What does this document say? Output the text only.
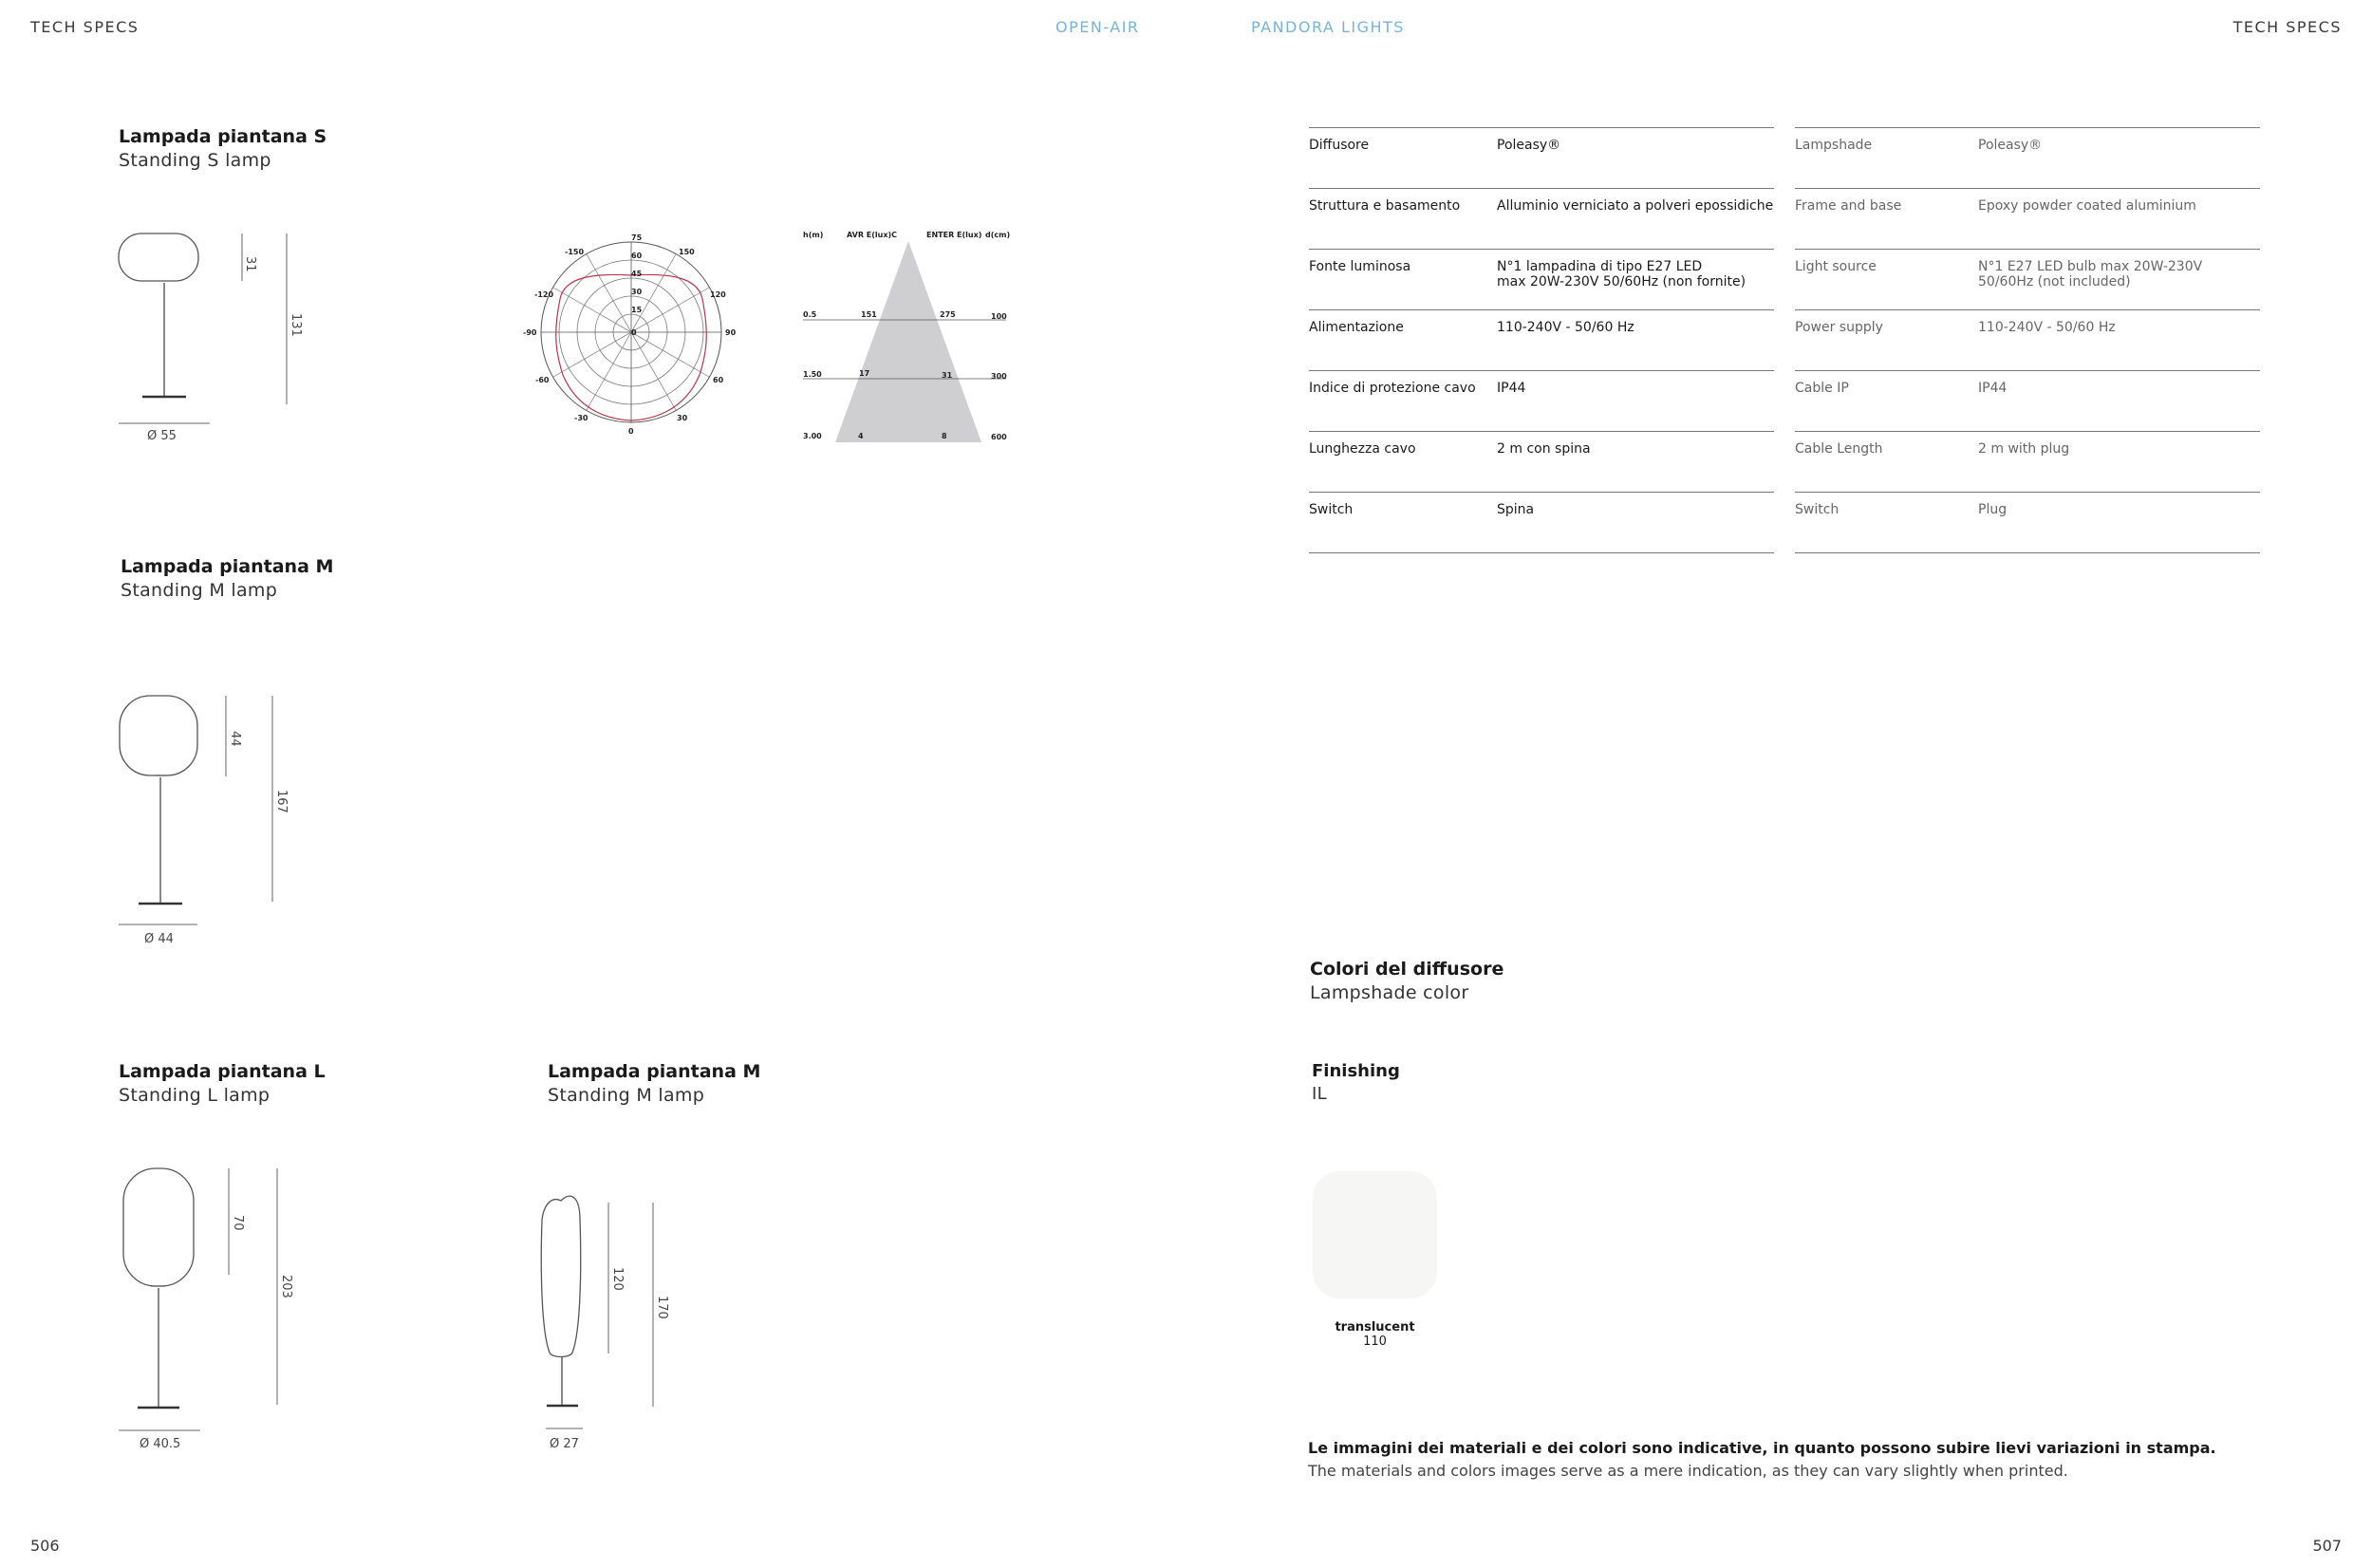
TECH SPECS	OPEN-AIR	PANDORA LIGHTS	TECH SPECS
Lampada piantana S
Standing S lamp
31
131
Ø 55
75
60
45
30
15
0
-150	150
-120	120
-90	90
-60	60
-30	30
0
h(m)	AVR E(lux)C	ENTER E(lux) d(cm)
0.5	151	275	100
1.50	17	31	300
3.00	4	8	600
Lampada piantana M
Standing M lamp
44
167
Ø 44
Lampada piantana L
Standing L lamp
70
203
Ø 40.5
Lampada piantana M
Standing M lamp
120
170
Ø 27
Diffusore	Poleasy®
Struttura e basamento	Alluminio verniciato a polveri epossidiche
Fonte luminosa	N°1 lampadina di tipo E27 LED
max 20W-230V 50/60Hz (non fornite)

Alimentazione	110-240V - 50/60 Hz
Indice di protezione cavo	IP44
Lunghezza cavo	2 m con spina
Switch	Spina
Lampshade	Poleasy®
Frame and base	Epoxy powder coated aluminium
Light source	N°1 E27 LED bulb max 20W-230V
50/60Hz (not included)

Power supply	110-240V - 50/60 Hz
Cable IP	IP44
Cable Length	2 m with plug
Switch	Plug
Colori del diffusore
Lampshade color
Finishing
IL
translucent
110
Le immagini dei materiali e dei colori sono indicative, in quanto possono subire lievi variazioni in stampa.
The materials and colors images serve as a mere indication, as they can vary slightly when printed.
506	507
